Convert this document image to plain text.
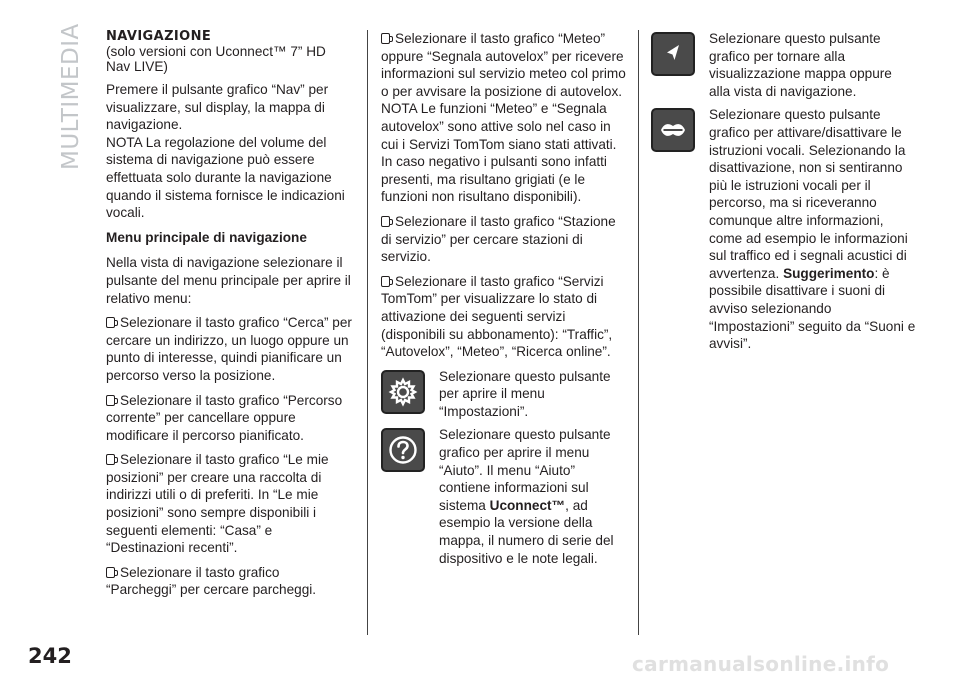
MULTIMEDIA NAVIGAZIONE

(solo versioni con Uconnect™ 7” HD Nav LIVE)

Premere il pulsante grafico “Nav” per visualizzare, sul display, la mappa di navigazione.

NOTA La regolazione del volume del sistema di navigazione può essere effettuata solo durante la navigazione quando il sistema fornisce le indicazioni vocali.

Menu principale di navigazione

Nella vista di navigazione selezionare il pulsante del menu principale per aprire il relativo menu:

Selezionare il tasto grafico “Cerca” per cercare un indirizzo, un luogo oppure un punto di interesse, quindi pianificare un percorso verso la posizione.

Selezionare il tasto grafico “Percorso corrente” per cancellare oppure modificare il percorso pianificato.

Selezionare il tasto grafico “Le mie posizioni” per creare una raccolta di indirizzi utili o di preferiti. In “Le mie posizioni” sono sempre disponibili i seguenti elementi: “Casa” e “Destinazioni recenti”.

Selezionare il tasto grafico “Parcheggi” per cercare parcheggi.

Selezionare il tasto grafico “Meteo” oppure “Segnala autovelox” per ricevere informazioni sul servizio meteo col primo o per avvisare la posizione di autovelox.

NOTA Le funzioni “Meteo” e “Segnala autovelox” sono attive solo nel caso in cui i Servizi TomTom siano stati attivati. In caso negativo i pulsanti sono infatti presenti, ma risultano grigiati (e le funzioni non risultano disponibili).

Selezionare il tasto grafico “Stazione di servizio” per cercare stazioni di servizio.

Selezionare il tasto grafico “Servizi TomTom” per visualizzare lo stato di attivazione dei seguenti servizi (disponibili su abbonamento): “Traffic”, “Autovelox”, “Meteo”, “Ricerca online”.

Selezionare questo pulsante per aprire il menu “Impostazioni”.
Selezionare questo pulsante grafico per aprire il menu “Aiuto”. Il menu “Aiuto” contiene informazioni sul sistema Uconnect™, ad esempio la versione della mappa, il numero di serie del dispositivo e le note legali.
Selezionare questo pulsante grafico per tornare alla visualizzazione mappa oppure alla vista di navigazione.
Selezionare questo pulsante grafico per attivare/disattivare le istruzioni vocali. Selezionando la disattivazione, non si sentiranno più le istruzioni vocali per il percorso, ma si riceveranno comunque altre informazioni, come ad esempio le informazioni sul traffico ed i segnali acustici di avvertenza. Suggerimento: è possibile disattivare i suoni di avviso selezionando “Impostazioni” seguito da “Suoni e avvisi”.
242	carmanualsonline.info
